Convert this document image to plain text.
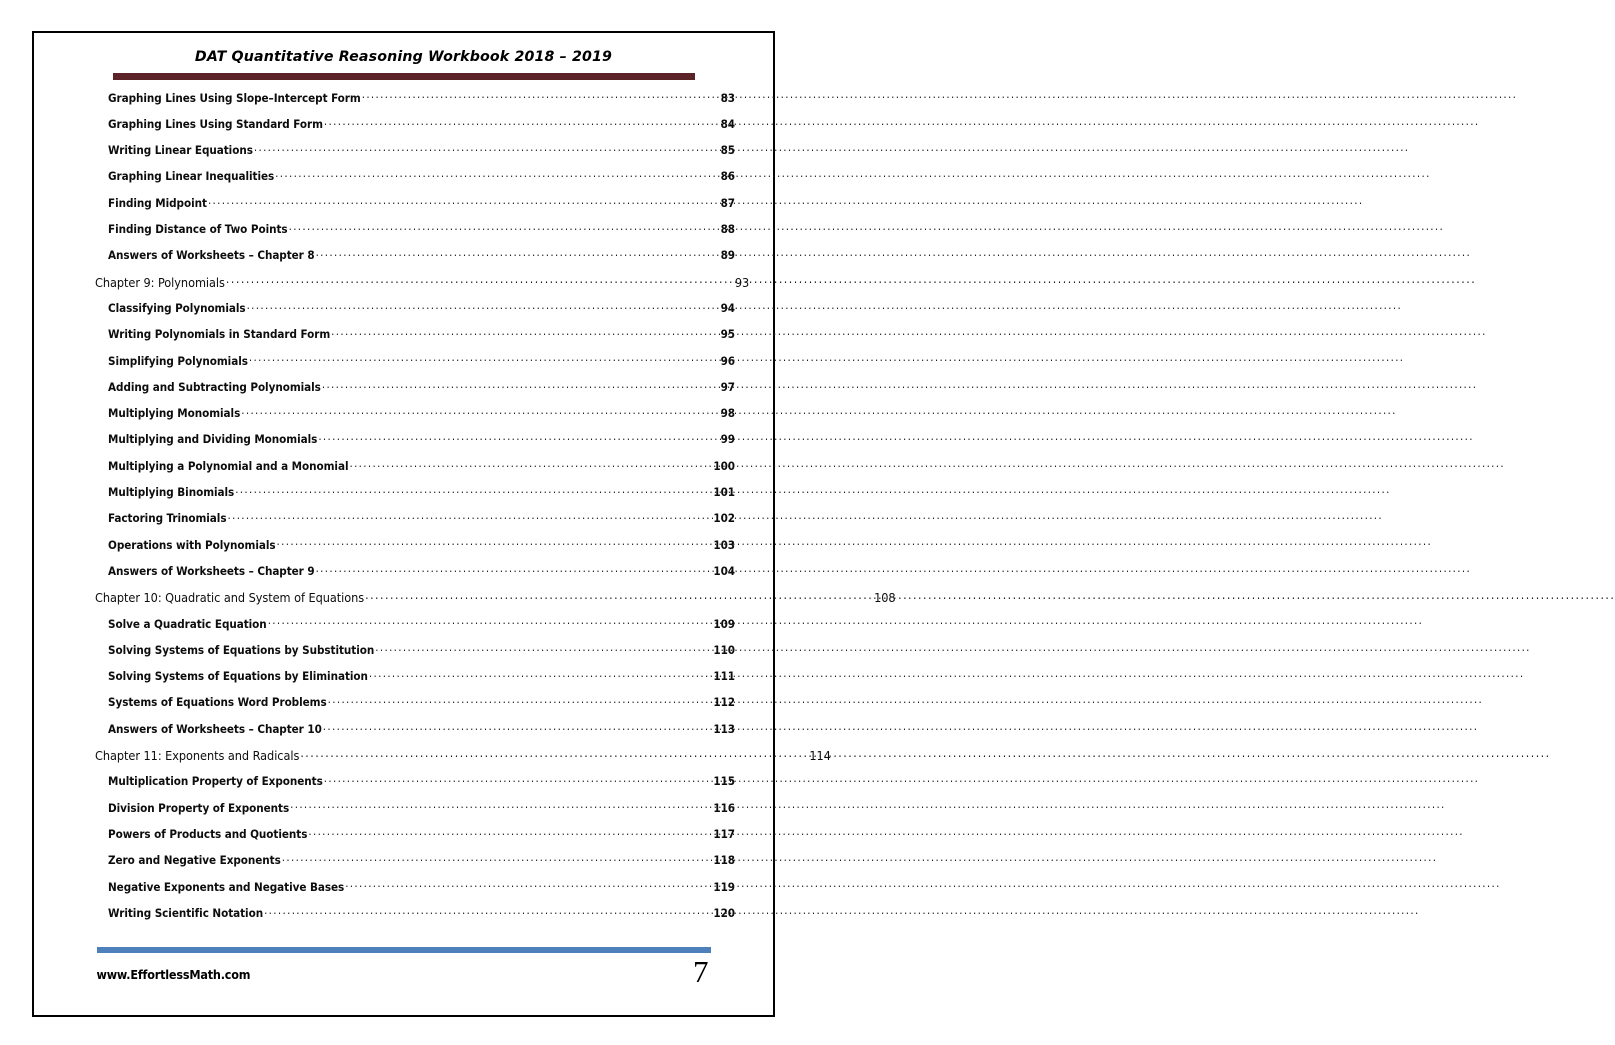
DAT Quantitative Reasoning Workbook 2018 – 2019
Graphing Lines Using Slope–Intercept Form .....	83
Graphing Lines Using Standard Form .....	84
Writing Linear Equations .....	85
Graphing Linear Inequalities .....	86
Finding Midpoint .....	87
Finding Distance of Two Points .....	88
Answers of Worksheets – Chapter 8 .....	89
Chapter 9: Polynomials .....	93
Classifying Polynomials .....	94
Writing Polynomials in Standard Form .....	95
Simplifying Polynomials .....	96
Adding and Subtracting Polynomials .....	97
Multiplying Monomials .....	98
Multiplying and Dividing Monomials .....	99
Multiplying a Polynomial and a Monomial .....	100
Multiplying Binomials .....	101
Factoring Trinomials .....	102
Operations with Polynomials .....	103
Answers of Worksheets – Chapter 9 .....	104
Chapter 10: Quadratic and System of Equations .....	108
Solve a Quadratic Equation .....	109
Solving Systems of Equations by Substitution .....	110
Solving Systems of Equations by Elimination .....	111
Systems of Equations Word Problems .....	112
Answers of Worksheets – Chapter 10 .....	113
Chapter 11: Exponents and Radicals .....	114
Multiplication Property of Exponents .....	115
Division Property of Exponents .....	116
Powers of Products and Quotients .....	117
Zero and Negative Exponents .....	118
Negative Exponents and Negative Bases .....	119
Writing Scientific Notation .....	120
www.EffortlessMath.com	7
